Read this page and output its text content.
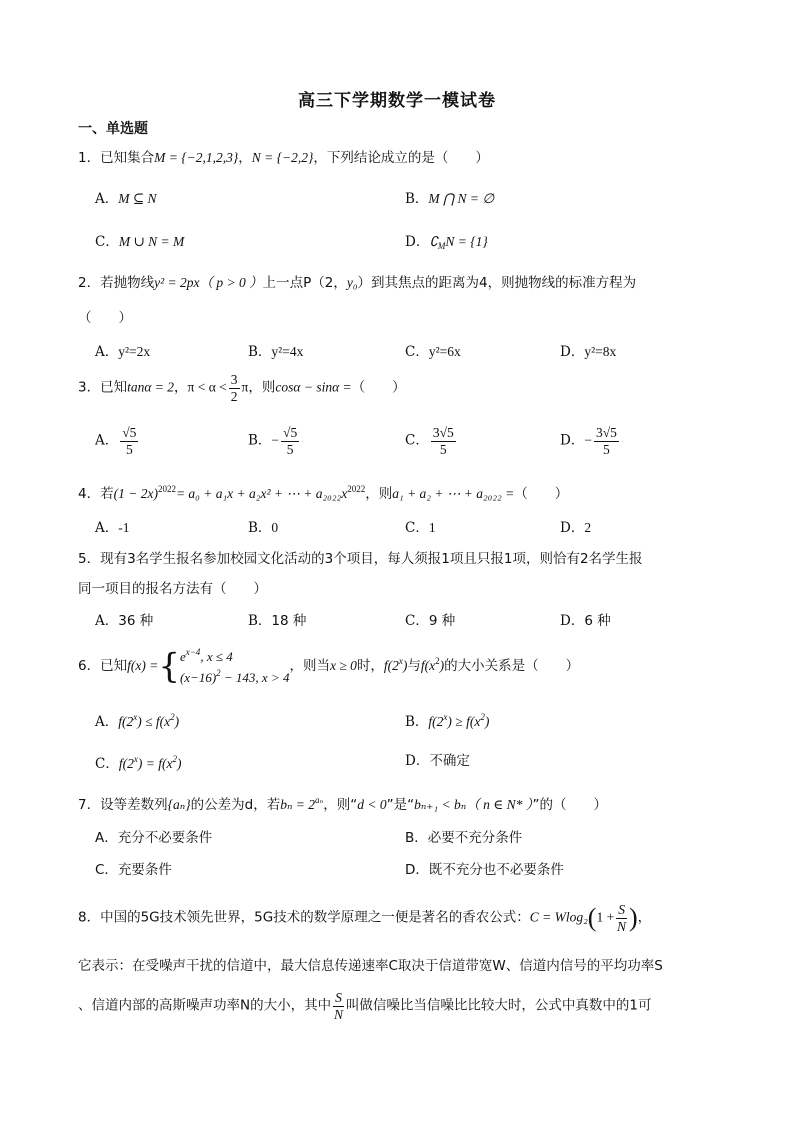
高三下学期数学一模试卷
一、单选题
1．已知集合M = {−2,1,2,3}，N = {−2,2}，下列结论成立的是（　　）
A．M ⊆ N	B．M ⋂ N = ∅
C．M ∪ N = M	D．$∁_MN = \{1\}$
2．若抛物线y² = 2px（ p > 0 ）上一点P（2，y₀）到其焦点的距离为4，则抛物线的标准方程为
（　　）
A．y²=2x	B．y²=4x	C．y²=6x	D．y²=8x
3．已知tanα = 2，$\pi < \alpha < \frac{3}{2}$ π，则cosα − sinα =（　　）
A． $\frac{√5}{5}$	B．− $\frac{√5}{5}$	C． $\frac{3√5}{5}$	D．− $\frac{3√5}{5}$
4．若$(1 - 2x)^{2022}= a_0 + a_1x + a_2x^2$ + ⋯ + $a_{2022}x^{2022}$，则a₁ + a₂ + ⋯ + a₂₀₂₂ =（　　）
A．-1	B．0	C．1	D．2
5．现有3名学生报名参加校园文化活动的3个项目，每人须报1项且只报1项，则恰有2名学生报
同一项目的报名方法有（　　）
A．36 种	B．18 种	C．9 种	D．6 种
6．已知f(x) ={ $e^{x-4}$, x ≤ 4
$(x-16)^2 - 143$, x > 4
，则当x ≥ 0时，f(2$^x$)与$f(x^2)$的大小关系是（　　）
A．$f(2^x) \le f(x^2)$	B．$f(2^x) \ge f(x^2)$
C．$f(2^x) = f(x^2)$	D．不确定
7．设等差数列{aₙ}的公差为d，若$b_n = 2^{a_n}$，则“d < 0”是“bₙ₊₁ < bₙ（ n ∈ N* ）”的（　　）
A．充分不必要条件	B．必要不充分条件
C．充要条件	D．既不充分也不必要条件
8．中国的5G技术领先世界，5G技术的数学原理之一便是著名的香农公式：$C = Wlog_2(1 + \frac{S}{N}$ )，
它表示：在受噪声干扰的信道中，最大信息传递速率C取决于信道带宽W、信道内信号的平均功率S
、信道内部的高斯噪声功率N的大小，其中 $\frac{S}{N}$ 叫做信噪比当信噪比比较大时，公式中真数中的1可
